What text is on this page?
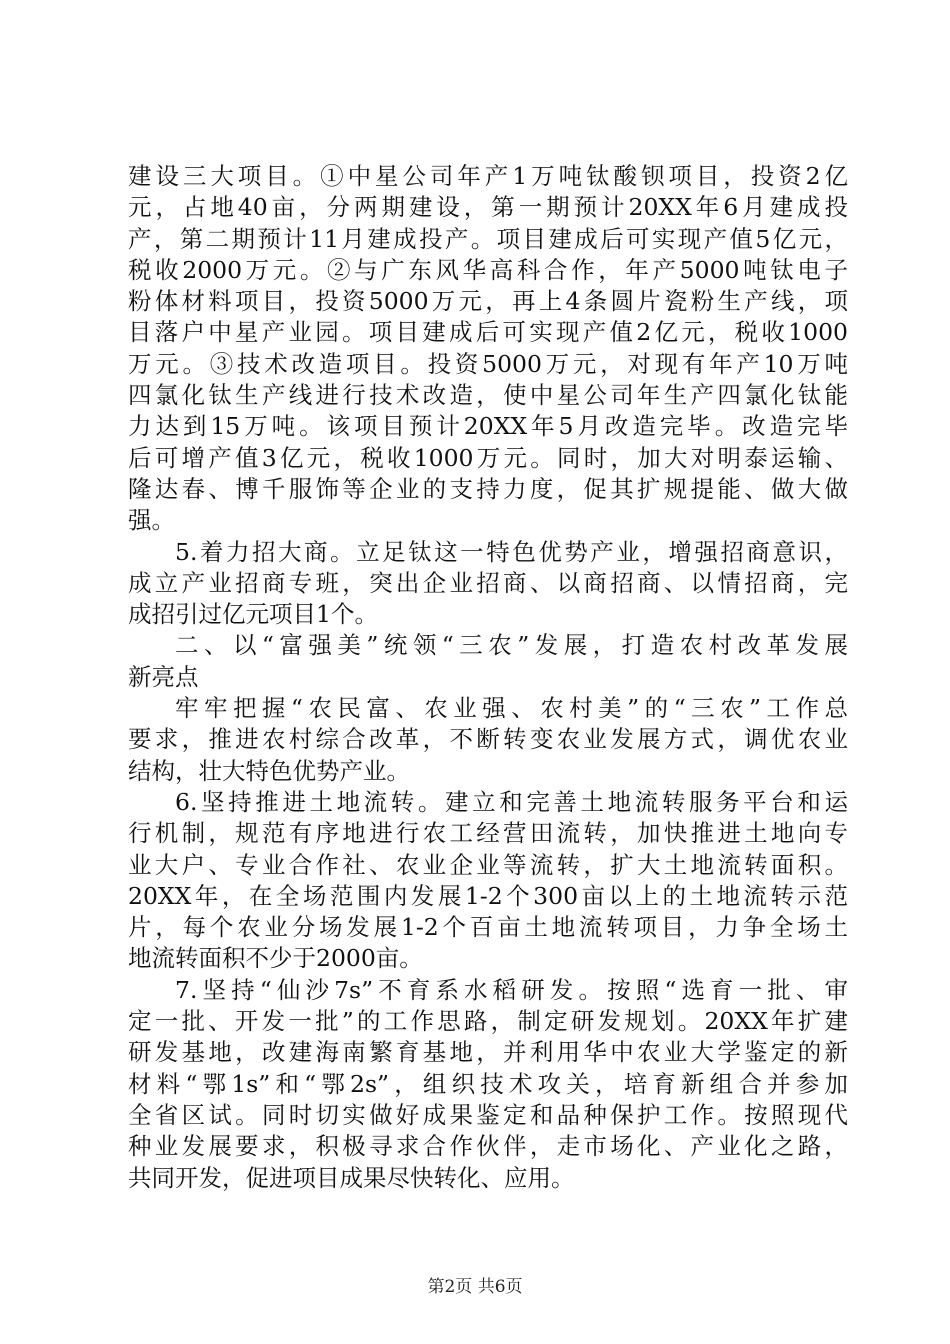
建设三大项目。①中星公司年产1万吨钛酸钡项目，投资2亿
元，占地40亩，分两期建设，第一期预计20XX年6月建成投
产，第二期预计11月建成投产。项目建成后可实现产值5亿元，
税收2000万元。②与广东风华高科合作，年产5000吨钛电子
粉体材料项目，投资5000万元，再上4条圆片瓷粉生产线，项
目落户中星产业园。项目建成后可实现产值2亿元，税收1000
万元。③技术改造项目。投资5000万元，对现有年产10万吨
四氯化钛生产线进行技术改造，使中星公司年生产四氯化钛能
力达到15万吨。该项目预计20XX年5月改造完毕。改造完毕
后可增产值3亿元，税收1000万元。同时，加大对明泰运输、
隆达春、博千服饰等企业的支持力度，促其扩规提能、做大做
强。
5.着力招大商。立足钛这一特色优势产业，增强招商意识，
成立产业招商专班，突出企业招商、以商招商、以情招商，完
成招引过亿元项目1个。
二、以“富强美”统领“三农”发展，打造农村改革发展
新亮点
牢牢把握“农民富、农业强、农村美”的“三农”工作总
要求，推进农村综合改革，不断转变农业发展方式，调优农业
结构，壮大特色优势产业。
6.坚持推进土地流转。建立和完善土地流转服务平台和运
行机制，规范有序地进行农工经营田流转，加快推进土地向专
业大户、专业合作社、农业企业等流转，扩大土地流转面积。
20XX年，在全场范围内发展1-2个300亩以上的土地流转示范
片，每个农业分场发展1-2个百亩土地流转项目，力争全场土
地流转面积不少于2000亩。
7.坚持“仙沙7s”不育系水稻研发。按照“选育一批、审
定一批、开发一批”的工作思路，制定研发规划。20XX年扩建
研发基地，改建海南繁育基地，并利用华中农业大学鉴定的新
材料“鄂1s”和“鄂2s”，组织技术攻关，培育新组合并参加
全省区试。同时切实做好成果鉴定和品种保护工作。按照现代
种业发展要求，积极寻求合作伙伴，走市场化、产业化之路，
共同开发，促进项目成果尽快转化、应用。
第2页 共6页
